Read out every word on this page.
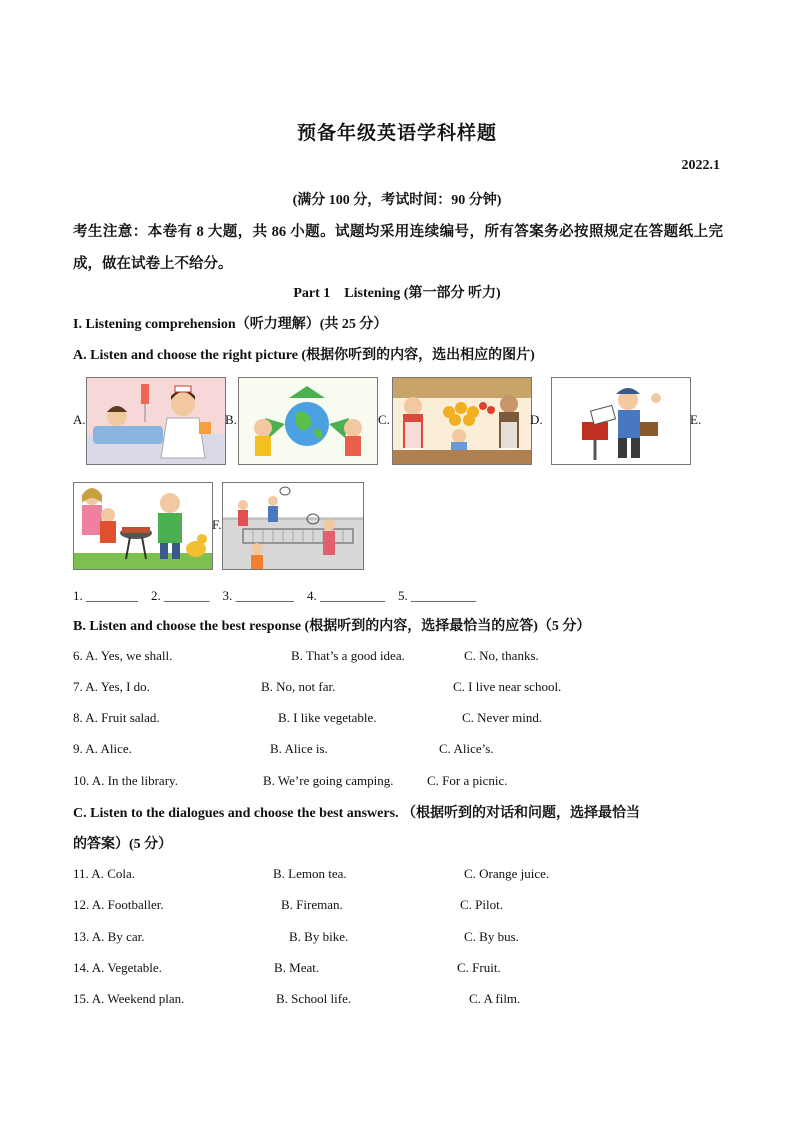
预备年级英语学科样题
2022.1
(满分 100 分，考试时间：90 分钟)
考生注意：本卷有 8 大题，共 86 小题。试题均采用连续编号，所有答案务必按照规定在答题纸上完成，做在试卷上不给分。
Part 1　Listening (第一部分 听力)
I. Listening comprehension（听力理解）(共 25 分）
A. Listen and choose the right picture (根据你听到的内容，选出相应的图片)
A.	B.	C.	D.	E.
F.
1. ________　2. _______　3. _________　4. __________　5. __________
B. Listen and choose the best response (根据听到的内容，选择最恰当的应答)（5 分）
6. A. Yes, we shall.	B. That’s a good idea.	C. No, thanks.
7. A. Yes, I do.	B. No, not far.	C. I live near school.
8. A. Fruit salad.	B. I like vegetable.	C. Never mind.
9. A. Alice.	B. Alice is.	C. Alice’s.
10. A. In the library.	B. We’re going camping.	C. For a picnic.
C. Listen to the dialogues and choose the best answers. （根据听到的对话和问题，选择最恰当
的答案）(5 分）
11. A. Cola.	B. Lemon tea.	C. Orange juice.
12. A. Footballer.	B. Fireman.	C. Pilot.
13. A. By car.	B. By bike.	C. By bus.
14. A. Vegetable.	B. Meat.	C. Fruit.
15. A. Weekend plan.	B. School life.	C. A film.
